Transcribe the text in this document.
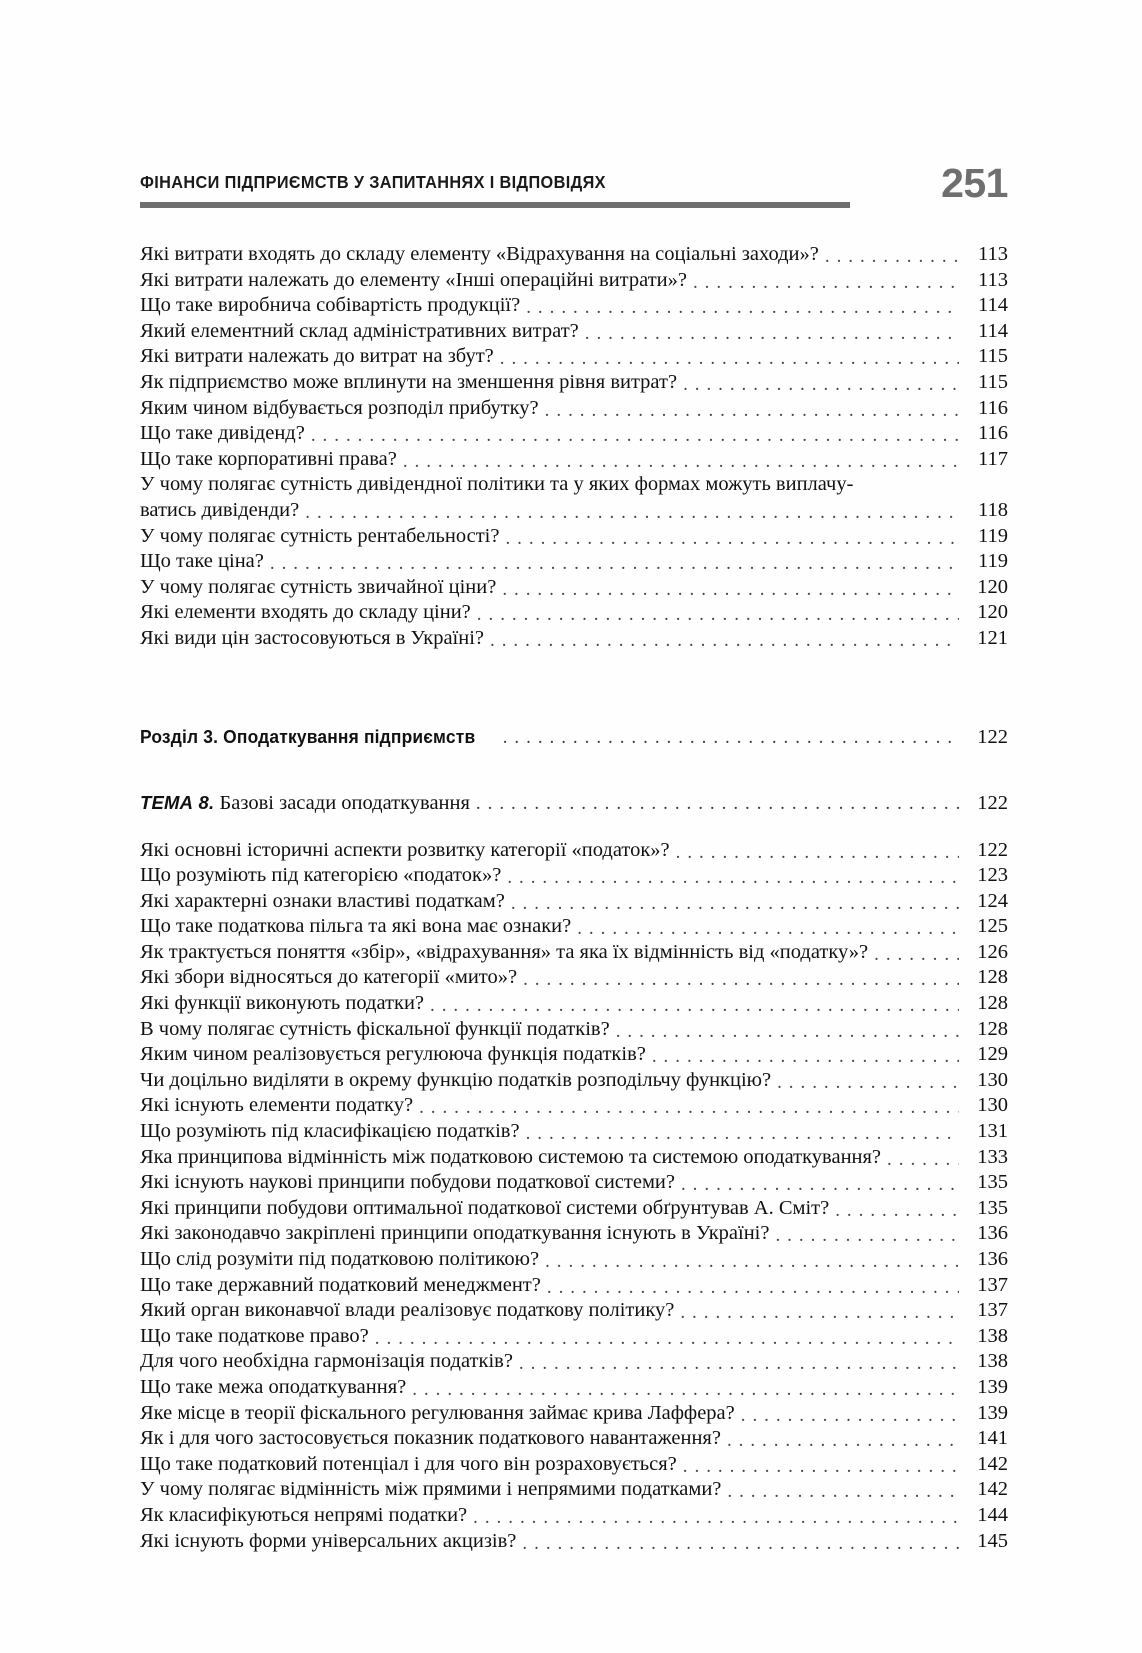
ФІНАНСИ ПІДПРИЄМСТВ У ЗАПИТАННЯХ І ВІДПОВІДЯХ	251
Які витрати входять до складу елементу «Відрахування на соціальні заходи»? . . .	113
Які витрати належать до елементу «Інші операційні витрати»? . . .	113
Що таке виробнича собівартість продукції? . . .	114
Який елементний склад адміністративних витрат? . . .	114
Які витрати належать до витрат на збут? . . .	115
Як підприємство може вплинути на зменшення рівня витрат? . . .	115
Яким чином відбувається розподіл прибутку? . . .	116
Що таке дивіденд? . . .	116
Що таке корпоративні права? . . .	117
У чому полягає сутність дивідендної політики та у яких формах можуть виплачу-
ватись дивіденди? . . .	118
У чому полягає сутність рентабельності? . . .	119
Що таке ціна? . . .	119
У чому полягає сутність звичайної ціни? . . .	120
Які елементи входять до складу ціни? . . .	120
Які види цін застосовуються в Україні? . . .	121
Розділ 3. Оподаткування підприємств . . .	122
ТЕМА 8. Базові засади оподаткування . . .	122
Які основні історичні аспекти розвитку категорії «податок»? . . .	122
Що розуміють під категорією «податок»? . . .	123
Які характерні ознаки властиві податкам? . . .	124
Що таке податкова пільга та які вона має ознаки? . . .	125
Як трактується поняття «збір», «відрахування» та яка їх відмінність від «податку»? . . .	126
Які збори відносяться до категорії «мито»? . . .	128
Які функції виконують податки? . . .	128
В чому полягає сутність фіскальної функції податків? . . .	128
Яким чином реалізовується регулююча функція податків? . . .	129
Чи доцільно виділяти в окрему функцію податків розподільчу функцію? . . .	130
Які існують елементи податку? . . .	130
Що розуміють під класифікацією податків? . . .	131
Яка принципова відмінність між податковою системою та системою оподаткування? . . .	133
Які існують наукові принципи побудови податкової системи? . . .	135
Які принципи побудови оптимальної податкової системи обґрунтував А. Сміт? . . .	135
Які законодавчо закріплені принципи оподаткування існують в Україні? . . .	136
Що слід розуміти під податковою політикою? . . .	136
Що таке державний податковий менеджмент? . . .	137
Який орган виконавчої влади реалізовує податкову політику? . . .	137
Що таке податкове право? . . .	138
Для чого необхідна гармонізація податків? . . .	138
Що таке межа оподаткування? . . .	139
Яке місце в теорії фіскального регулювання займає крива Лаффера? . . .	139
Як і для чого застосовується показник податкового навантаження? . . .	141
Що таке податковий потенціал і для чого він розраховується? . . .	142
У чому полягає відмінність між прямими і непрямими податками? . . .	142
Як класифікуються непрямі податки? . . .	144
Які існують форми універсальних акцизів? . . .	145
